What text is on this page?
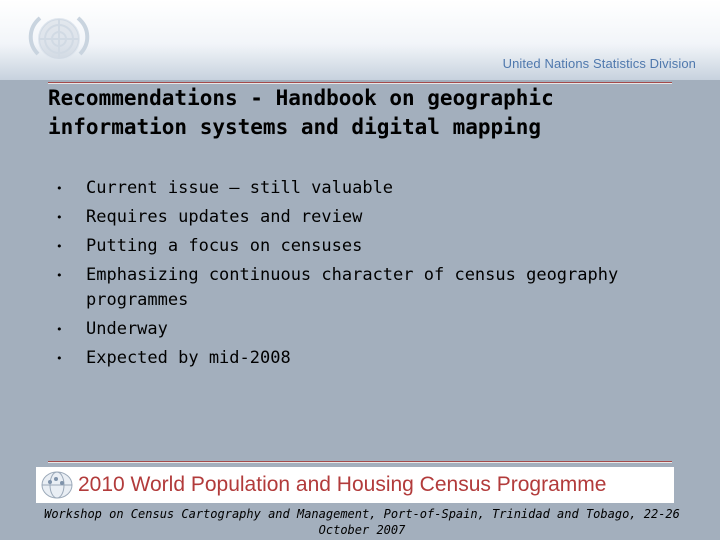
United Nations Statistics Division
Recommendations - Handbook on geographic information systems and digital mapping
• Current issue – still valuable
• Requires updates and review
• Putting a focus on censuses
• Emphasizing continuous character of census geography programmes
• Underway
• Expected by mid-2008
2010 World Population and Housing Census Programme
Workshop on Census Cartography and Management, Port-of-Spain, Trinidad and Tobago, 22-26 October 2007
